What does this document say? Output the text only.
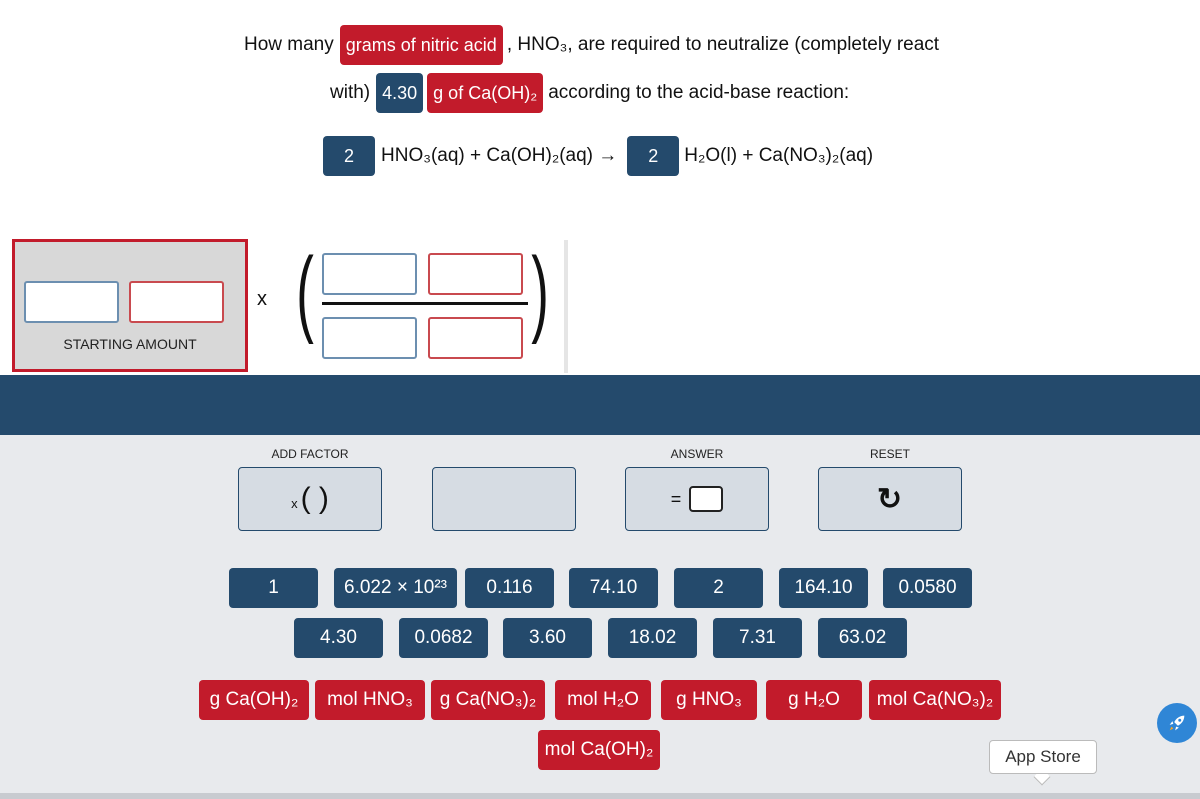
How many grams of nitric acid , HNO₃, are required to neutralize (completely react
with) 4.30 g of Ca(OH)₂ according to the acid-base reaction:
2	HNO₃(aq) + Ca(OH)₂(aq) →	2	H₂O(l) + Ca(NO₃)₂(aq)
STARTING AMOUNT
x ( )
ADD FACTOR
x ( )
ANSWER
=
RESET
↺
1	6.022 × 10²³	0.116	74.10	2	164.10	0.0580
4.30	0.0682	3.60	18.02	7.31	63.02
g Ca(OH)₂	mol HNO₃	g Ca(NO₃)₂	mol H₂O	g HNO₃	g H₂O	mol Ca(NO₃)₂
mol Ca(OH)₂	App Store
